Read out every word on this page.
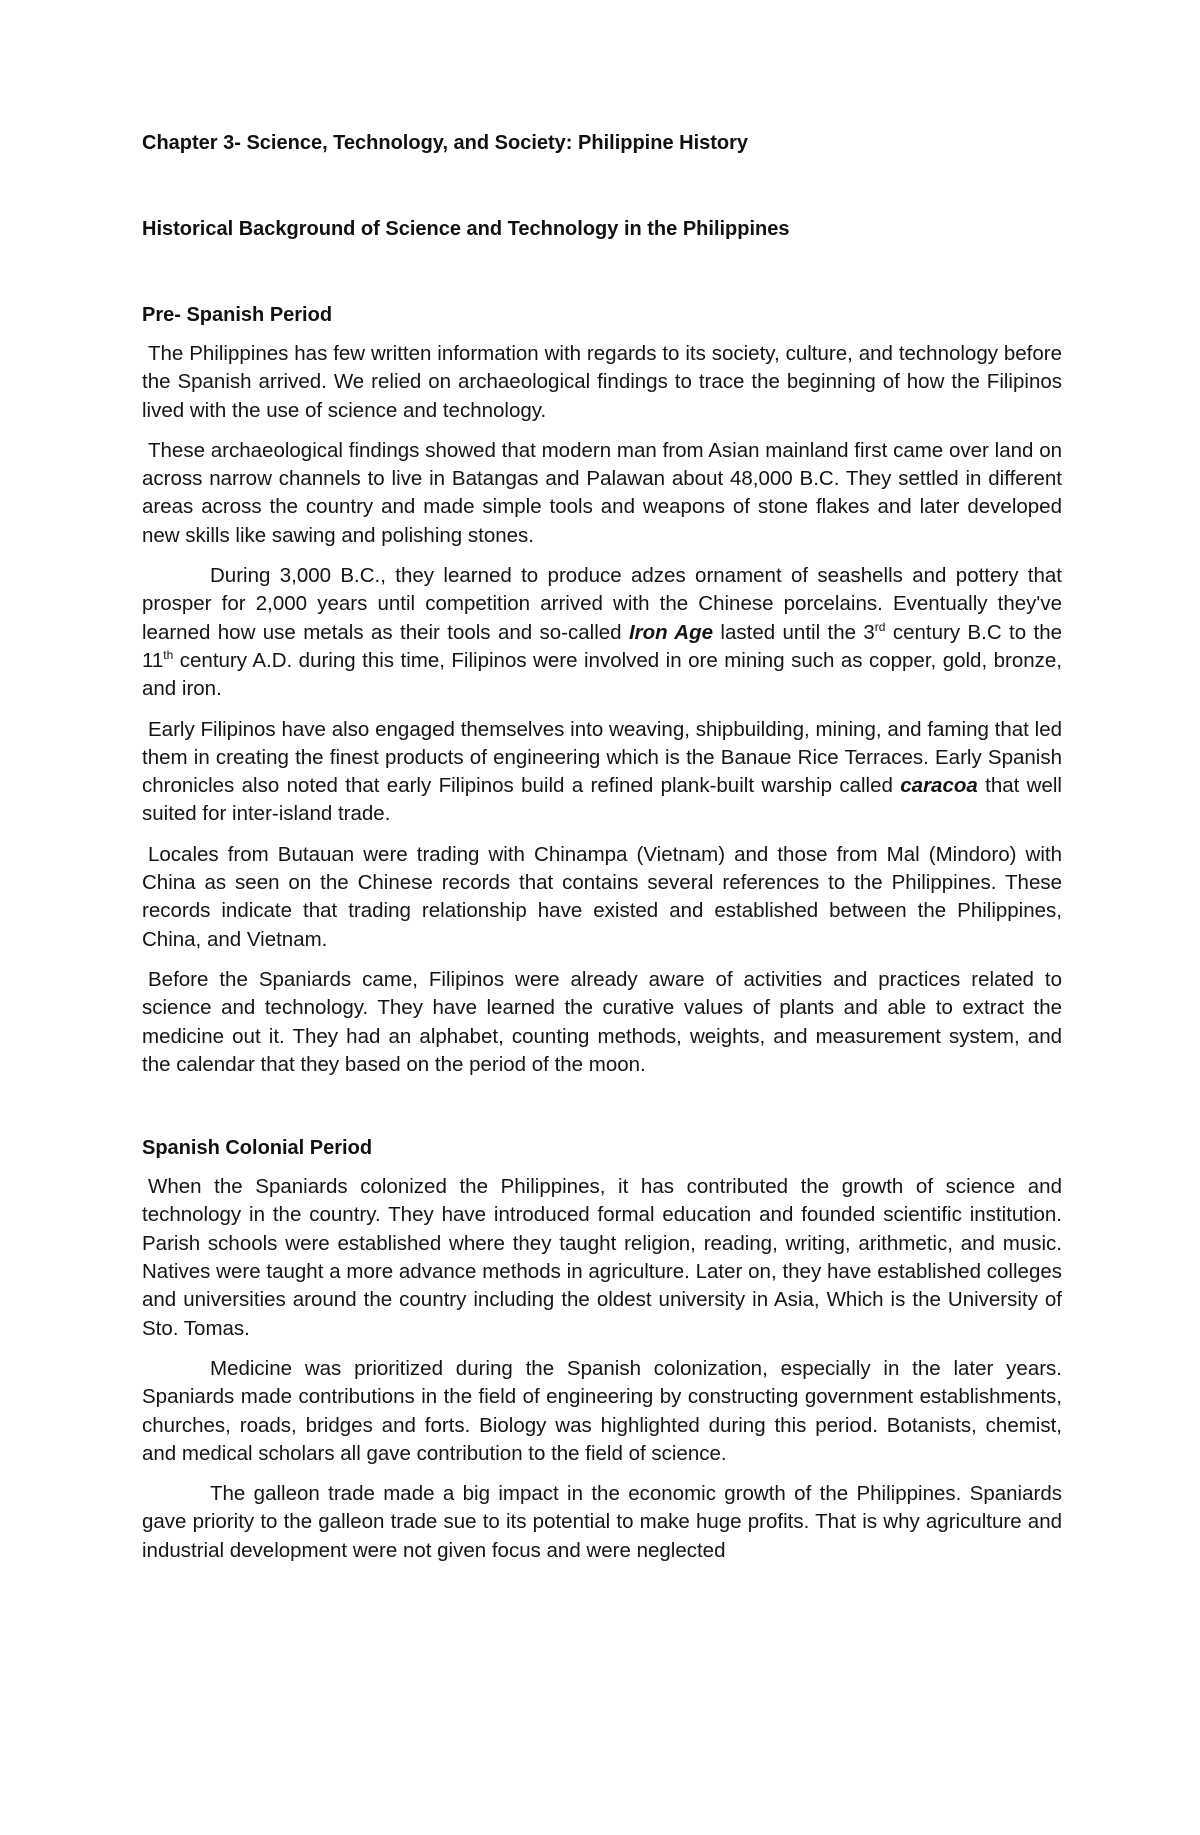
Chapter 3- Science, Technology, and Society: Philippine History
Historical Background of Science and Technology in the Philippines
Pre- Spanish Period

The Philippines has few written information with regards to its society, culture, and technology before the Spanish arrived. We relied on archaeological findings to trace the beginning of how the Filipinos lived with the use of science and technology.

These archaeological findings showed that modern man from Asian mainland first came over land on across narrow channels to live in Batangas and Palawan about 48,000 B.C. They settled in different areas across the country and made simple tools and weapons of stone flakes and later developed new skills like sawing and polishing stones.

During 3,000 B.C., they learned to produce adzes ornament of seashells and pottery that prosper for 2,000 years until competition arrived with the Chinese porcelains. Eventually they've learned how use metals as their tools and so-called Iron Age lasted until the 3rd century B.C to the 11th century A.D. during this time, Filipinos were involved in ore mining such as copper, gold, bronze, and iron.

Early Filipinos have also engaged themselves into weaving, shipbuilding, mining, and faming that led them in creating the finest products of engineering which is the Banaue Rice Terraces. Early Spanish chronicles also noted that early Filipinos build a refined plank-built warship called caracoa that well suited for inter-island trade.

Locales from Butauan were trading with Chinampa (Vietnam) and those from Mal (Mindoro) with China as seen on the Chinese records that contains several references to the Philippines. These records indicate that trading relationship have existed and established between the Philippines, China, and Vietnam.

Before the Spaniards came, Filipinos were already aware of activities and practices related to science and technology. They have learned the curative values of plants and able to extract the medicine out it. They had an alphabet, counting methods, weights, and measurement system, and the calendar that they based on the period of the moon.

Spanish Colonial Period

When the Spaniards colonized the Philippines, it has contributed the growth of science and technology in the country. They have introduced formal education and founded scientific institution. Parish schools were established where they taught religion, reading, writing, arithmetic, and music. Natives were taught a more advance methods in agriculture. Later on, they have established colleges and universities around the country including the oldest university in Asia, Which is the University of Sto. Tomas.

Medicine was prioritized during the Spanish colonization, especially in the later years. Spaniards made contributions in the field of engineering by constructing government establishments, churches, roads, bridges and forts. Biology was highlighted during this period. Botanists, chemist, and medical scholars all gave contribution to the field of science.

The galleon trade made a big impact in the economic growth of the Philippines. Spaniards gave priority to the galleon trade sue to its potential to make huge profits. That is why agriculture and industrial development were not given focus and were neglected
